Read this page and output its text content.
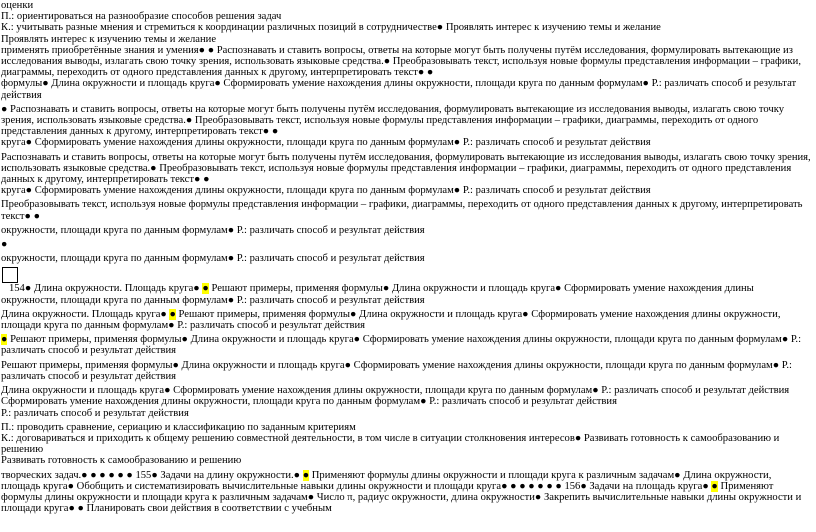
оценки

П.: ориентироваться на разнообразие способов решения задач

К.: учитывать разные мнения и стремиться к координации различных позиций в сотрудничестве● Проявлять интерес к изучению темы и желание

Проявлять интерес к изучению темы и желание

применять приобретённые знания и умения● ● Распознавать и ставить вопросы, ответы на которые могут быть получены путём исследования, формулировать вытекающие из исследования выводы, излагать свою точку зрения, использовать языковые средства.● Преобразовывать текст, используя новые формулы представления информации – графики, диаграммы, переходить от одного представления данных к другому, интерпретировать текст● ●

формулы● Длина окружности и площадь круга● Сформировать умение нахождения длины окружности, площади круга по данным формулам● Р.: различать способ и результат действия

● Распознавать и ставить вопросы, ответы на которые могут быть получены путём исследования, формулировать вытекающие из исследования выводы, излагать свою точку зрения, использовать языковые средства.● Преобразовывать текст, используя новые формулы представления информации – графики, диаграммы, переходить от одного представления данных к другому, интерпретировать текст● ●

круга● Сформировать умение нахождения длины окружности, площади круга по данным формулам● Р.: различать способ и результат действия

Распознавать и ставить вопросы, ответы на которые могут быть получены путём исследования, формулировать вытекающие из исследования выводы, излагать свою точку зрения, использовать языковые средства.● Преобразовывать текст, используя новые формулы представления информации – графики, диаграммы, переходить от одного представления данных к другому, интерпретировать текст● ●

круга● Сформировать умение нахождения длины окружности, площади круга по данным формулам● Р.: различать способ и результат действия

Преобразовывать текст, используя новые формулы представления информации – графики, диаграммы, переходить от одного представления данных к другому, интерпретировать текст● ●

окружности, площади круга по данным формулам● Р.: различать способ и результат действия

●

окружности, площади круга по данным формулам● Р.: различать способ и результат действия

154● Длина окружности. Площадь круга● ● Решают примеры, применяя формулы● Длина окружности и площадь круга● Сформировать умение нахождения длины окружности, площади круга по данным формулам● Р.: различать способ и результат действия

Длина окружности. Площадь круга● ● Решают примеры, применяя формулы● Длина окружности и площадь круга● Сформировать умение нахождения длины окружности, площади круга по данным формулам● Р.: различать способ и результат действия

● Решают примеры, применяя формулы● Длина окружности и площадь круга● Сформировать умение нахождения длины окружности, площади круга по данным формулам● Р.: различать способ и результат действия

Решают примеры, применяя формулы● Длина окружности и площадь круга● Сформировать умение нахождения длины окружности, площади круга по данным формулам● Р.: различать способ и результат действия

Длина окружности и площадь круга● Сформировать умение нахождения длины окружности, площади круга по данным формулам● Р.: различать способ и результат действия

Сформировать умение нахождения длины окружности, площади круга по данным формулам● Р.: различать способ и результат действия

Р.: различать способ и результат действия

П.: проводить сравнение, сериацию и классификацию по заданным критериям

К.: договариваться и приходить к общему решению совместной деятельности, в том числе в ситуации столкновения интересов● Развивать готовность к самообразованию и решению

Развивать готовность к самообразованию и решению

творческих задач.● ● ● ● ● ● 155● Задачи на длину окружности.● ● Применяют формулы длины окружности и площади круга к различным задачам● Длина окружности, площадь круга● Обобщить и систематизировать вычислительные навыки длины окружности и площади круга● ● ● ● ● ● ● 156● Задачи на площадь круга● ● Применяют формулы длины окружности и площади круга к различным задачам● Число π, радиус окружности, длина окружности● Закрепить вычислительные навыки длины окружности и площади круга● ● Планировать свои действия в соответствии с учебным
